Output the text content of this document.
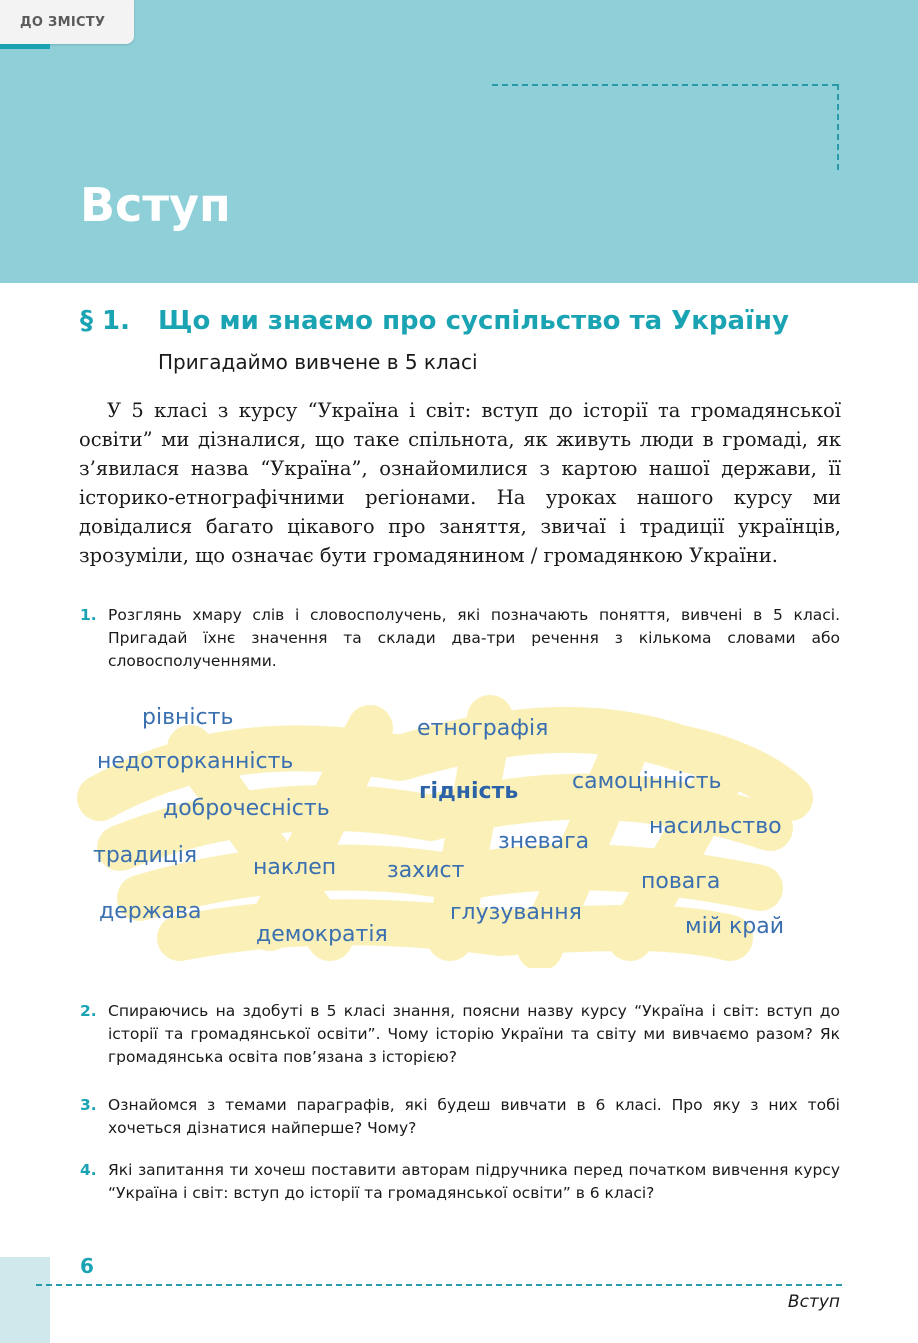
ДО ЗМІСТУ
Вступ
§ 1. Що ми знаємо про суспільство та Україну
Пригадаймо вивчене в 5 класі

У 5 класі з курсу “Україна і світ: вступ до історії та громадянської освіти” ми дізналися, що таке спільнота, як живуть люди в громаді, як з’явилася назва “Україна”, ознайомилися з картою нашої держави, її історико-етнографічними регіонами. На уроках нашого курсу ми довідалися багато цікавого про заняття, звичаї і традиції українців, зрозуміли, що означає бути громадянином / громадянкою України.

1. Розглянь хмару слів і словосполучень, які позначають поняття, вивчені в 5 класі. Пригадай їхнє значення та склади два-три речення з кількома словами або словосполученнями.
рівність	етнографія
недоторканність
гідність самоцінність
доброчесність
насильство
зневага
традиція	наклеп захист	повага
держава	глузування
мій край
демократія
2. Спираючись на здобуті в 5 класі знання, поясни назву курсу “Україна і світ: вступ до історії та громадянської освіти”. Чому історію України та світу ми вивчаємо разом? Як громадянська освіта пов’язана з історією?
3. Ознайомся з темами параграфів, які будеш вивчати в 6 класі. Про яку з них тобі хочеться дізнатися найперше? Чому?
4. Які запитання ти хочеш поставити авторам підручника перед початком вивчення курсу “Україна і світ: вступ до історії та громадянської освіти” в 6 класі?
6
Вступ
